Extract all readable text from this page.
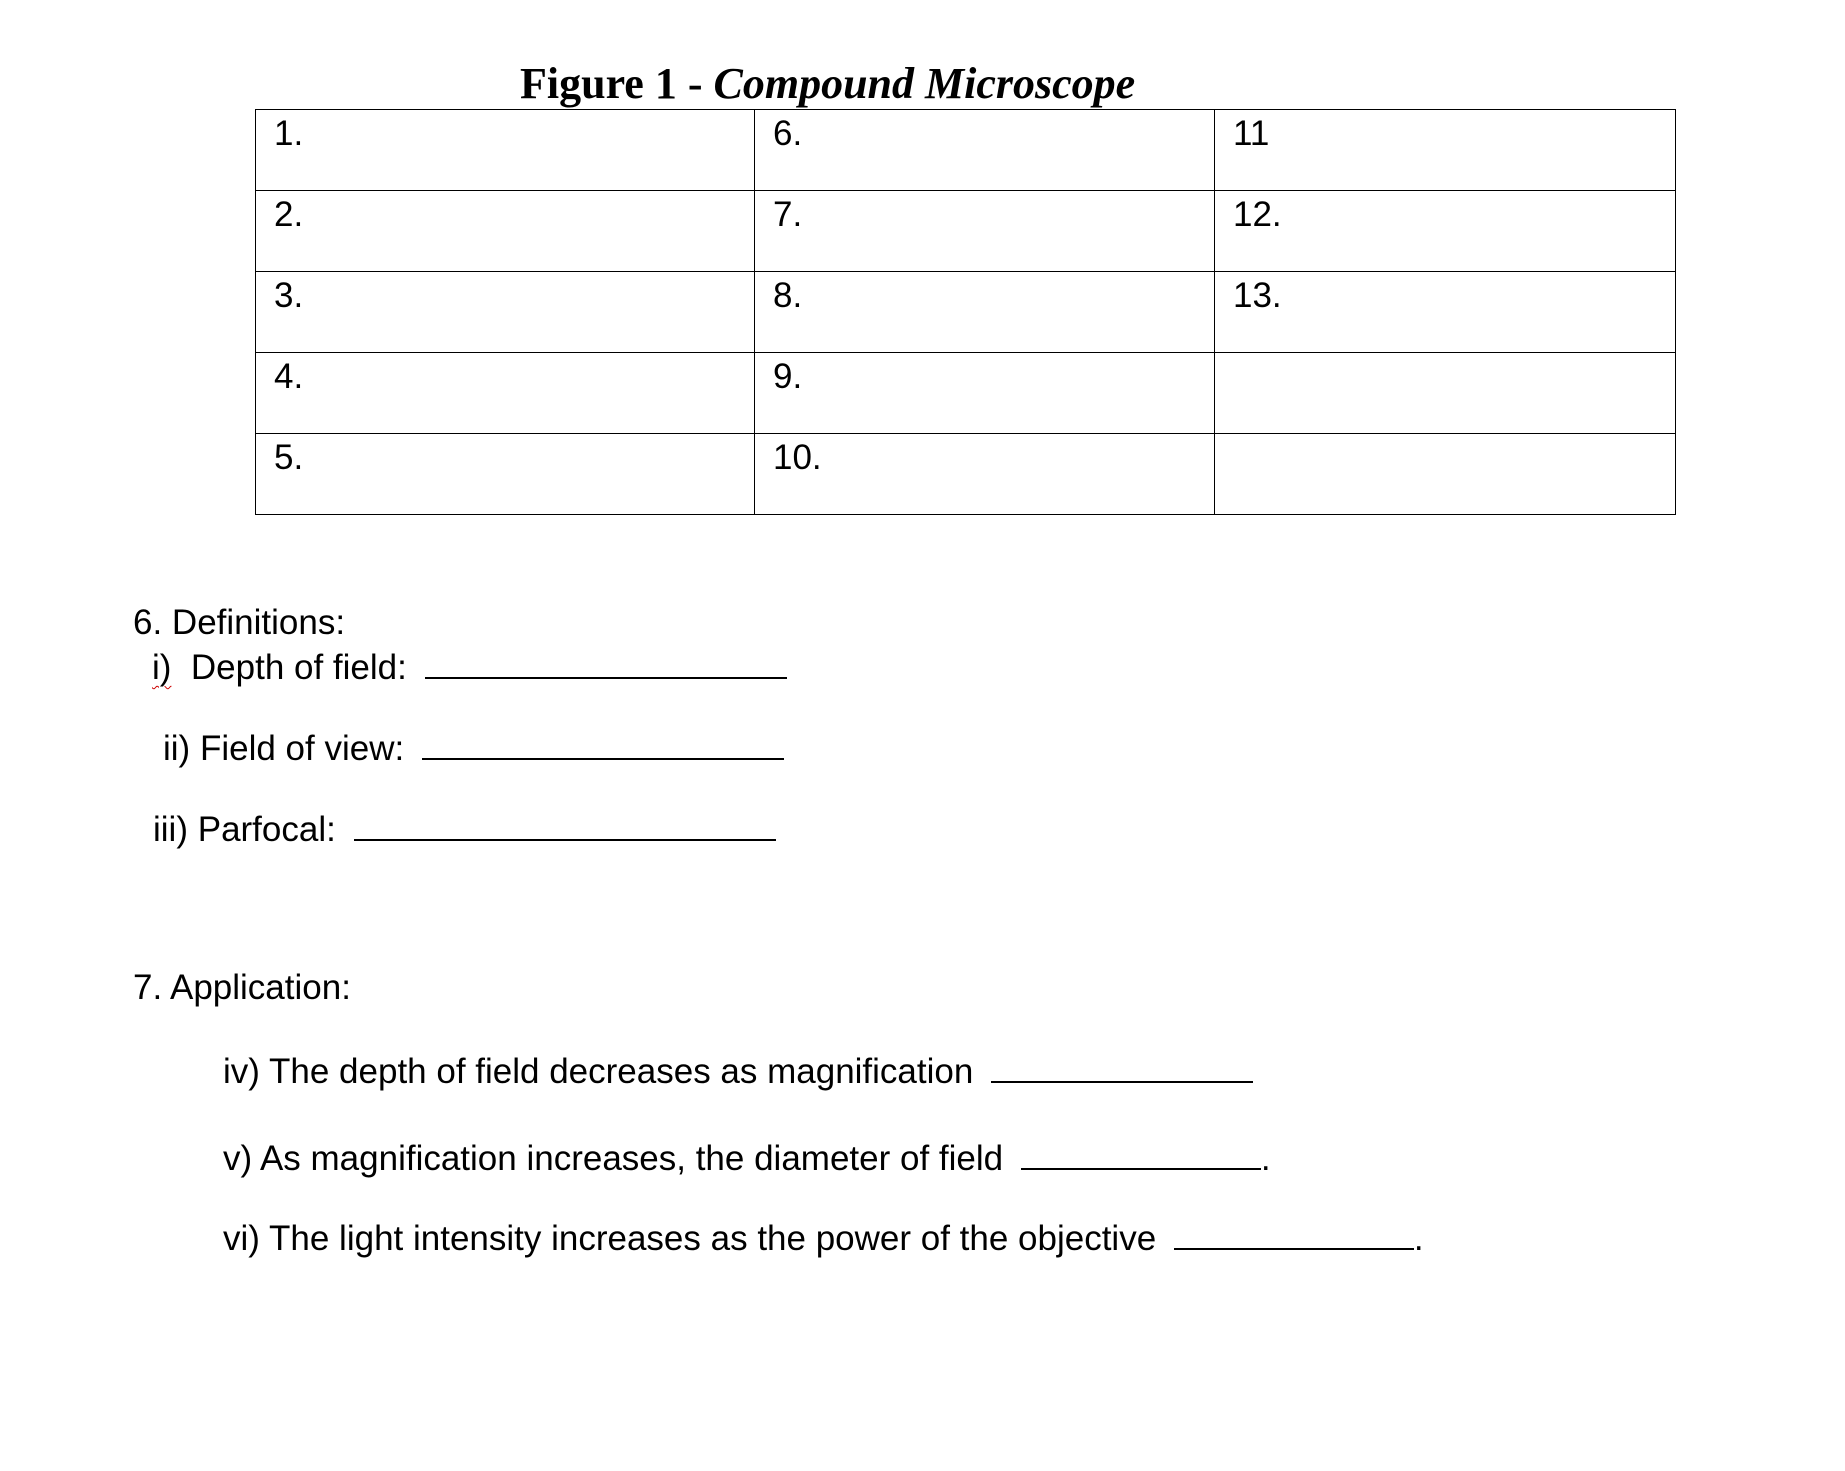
Figure 1 - Compound Microscope
1.	6.	11
2.	7.	12.
3.	8.	13.
4.	9.	
5.	10.	
6. Definitions:
i) Depth of field:
ii) Field of view:
iii) Parfocal:
7. Application:
iv) The depth of field decreases as magnification
v) As magnification increases, the diameter of field	.
vi) The light intensity increases as the power of the objective	.
